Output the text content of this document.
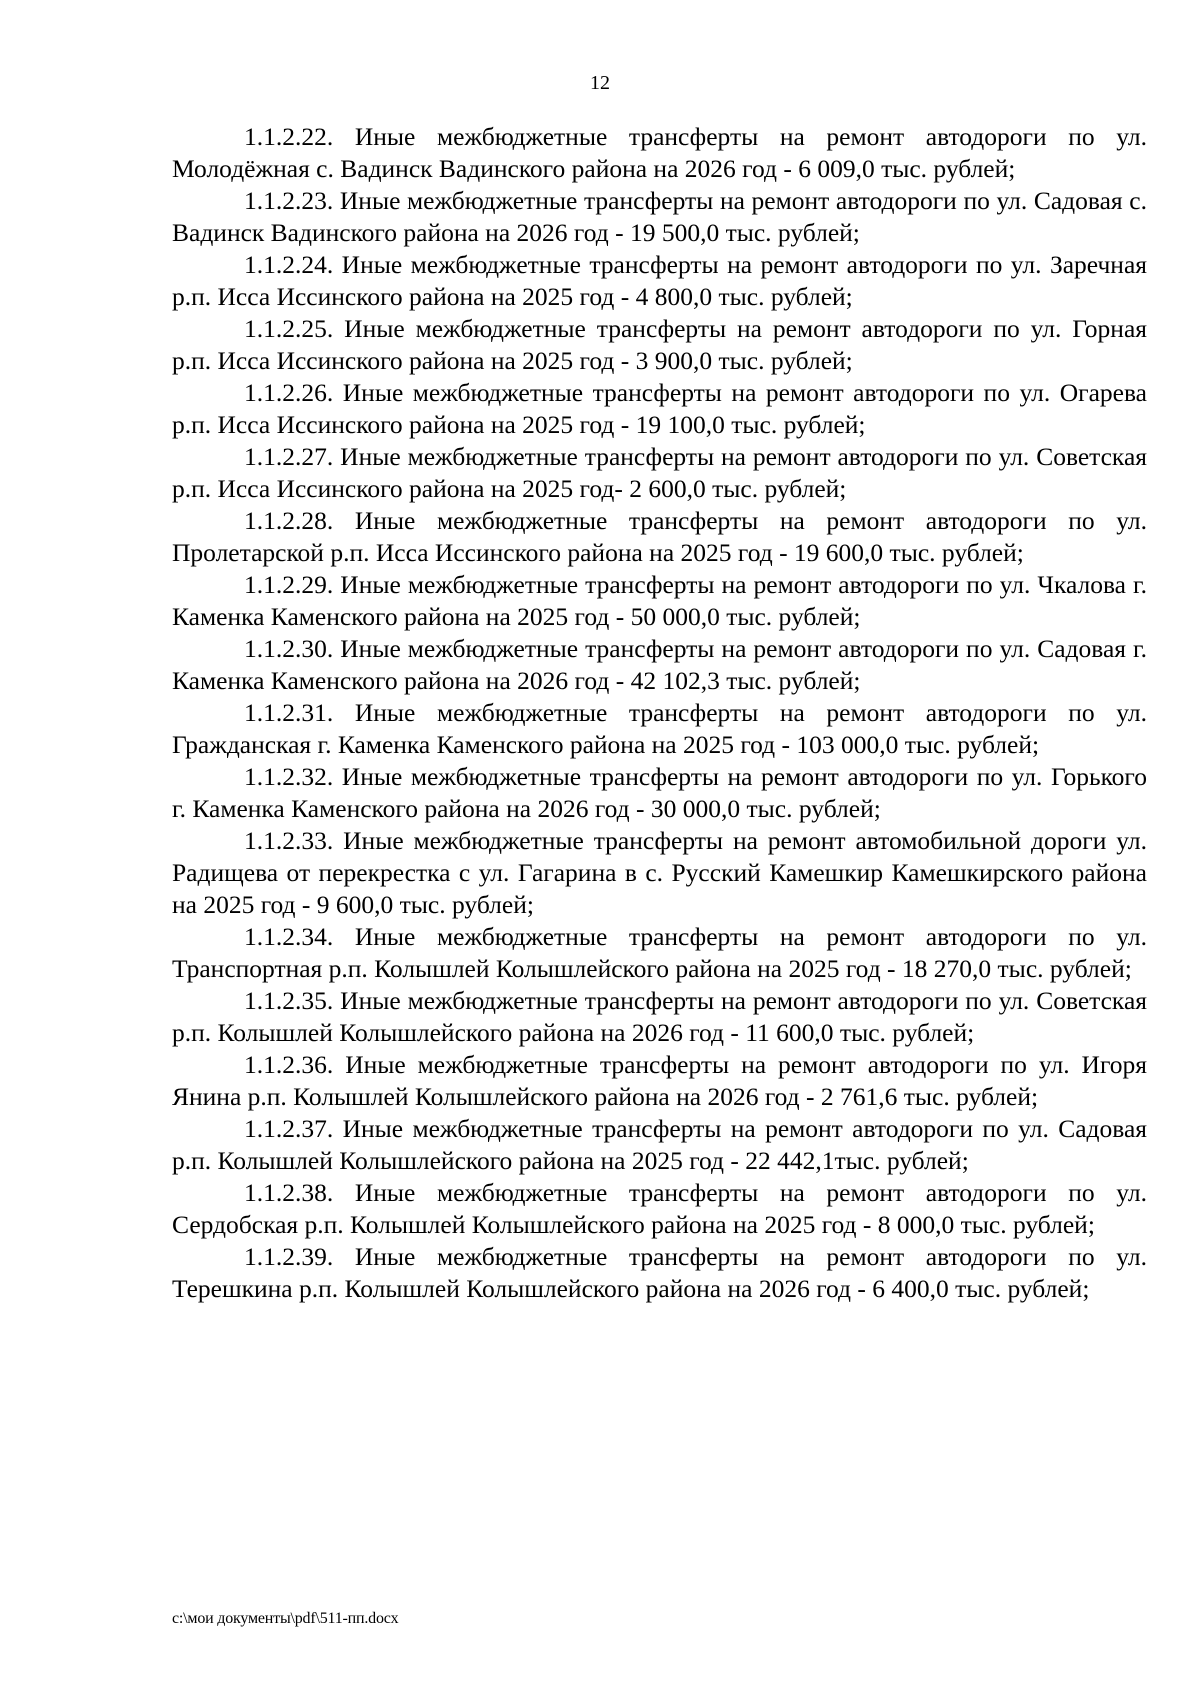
12

1.1.2.22. Иные межбюджетные трансферты на ремонт автодороги по ул. Молодёжная с. Вадинск Вадинского района на 2026 год - 6 009,0 тыс. рублей;

1.1.2.23. Иные межбюджетные трансферты на ремонт автодороги по ул. Садовая с. Вадинск Вадинского района на 2026 год - 19 500,0 тыс. рублей;

1.1.2.24. Иные межбюджетные трансферты на ремонт автодороги по ул. Заречная р.п. Исса Иссинского района на 2025 год - 4 800,0 тыс. рублей;

1.1.2.25. Иные межбюджетные трансферты на ремонт автодороги по ул. Горная р.п. Исса Иссинского района на 2025 год - 3 900,0 тыс. рублей;

1.1.2.26. Иные межбюджетные трансферты на ремонт автодороги по ул. Огарева р.п. Исса Иссинского района на 2025 год - 19 100,0 тыс. рублей;

1.1.2.27. Иные межбюджетные трансферты на ремонт автодороги по ул. Советская р.п. Исса Иссинского района на 2025 год- 2 600,0 тыс. рублей;

1.1.2.28. Иные межбюджетные трансферты на ремонт автодороги по ул. Пролетарской р.п. Исса Иссинского района на 2025 год - 19 600,0 тыс. рублей;

1.1.2.29. Иные межбюджетные трансферты на ремонт автодороги по ул. Чкалова г. Каменка Каменского района на 2025 год - 50 000,0 тыс. рублей;

1.1.2.30. Иные межбюджетные трансферты на ремонт автодороги по ул. Садовая г. Каменка Каменского района на 2026 год - 42 102,3 тыс. рублей;

1.1.2.31. Иные межбюджетные трансферты на ремонт автодороги по ул. Гражданская г. Каменка Каменского района на 2025 год - 103 000,0 тыс. рублей;

1.1.2.32. Иные межбюджетные трансферты на ремонт автодороги по ул. Горького г. Каменка Каменского района на 2026 год - 30 000,0 тыс. рублей;

1.1.2.33. Иные межбюджетные трансферты на ремонт автомобильной дороги ул. Радищева от перекрестка с ул. Гагарина в с. Русский Камешкир Камешкирского района на 2025 год - 9 600,0 тыс. рублей;

1.1.2.34. Иные межбюджетные трансферты на ремонт автодороги по ул. Транспортная р.п. Колышлей Колышлейского района на 2025 год - 18 270,0 тыс. рублей;

1.1.2.35. Иные межбюджетные трансферты на ремонт автодороги по ул. Советская р.п. Колышлей Колышлейского района на 2026 год - 11 600,0 тыс. рублей;

1.1.2.36. Иные межбюджетные трансферты на ремонт автодороги по ул. Игоря Янина р.п. Колышлей Колышлейского района на 2026 год - 2 761,6 тыс. рублей;

1.1.2.37. Иные межбюджетные трансферты на ремонт автодороги по ул. Садовая р.п. Колышлей Колышлейского района на 2025 год - 22 442,1тыс. рублей;

1.1.2.38. Иные межбюджетные трансферты на ремонт автодороги по ул. Сердобская р.п. Колышлей Колышлейского района на 2025 год - 8 000,0 тыс. рублей;

1.1.2.39. Иные межбюджетные трансферты на ремонт автодороги по ул. Терешкина р.п. Колышлей Колышлейского района на 2026 год - 6 400,0 тыс. рублей;

c:\мои документы\pdf\511-пп.docx
